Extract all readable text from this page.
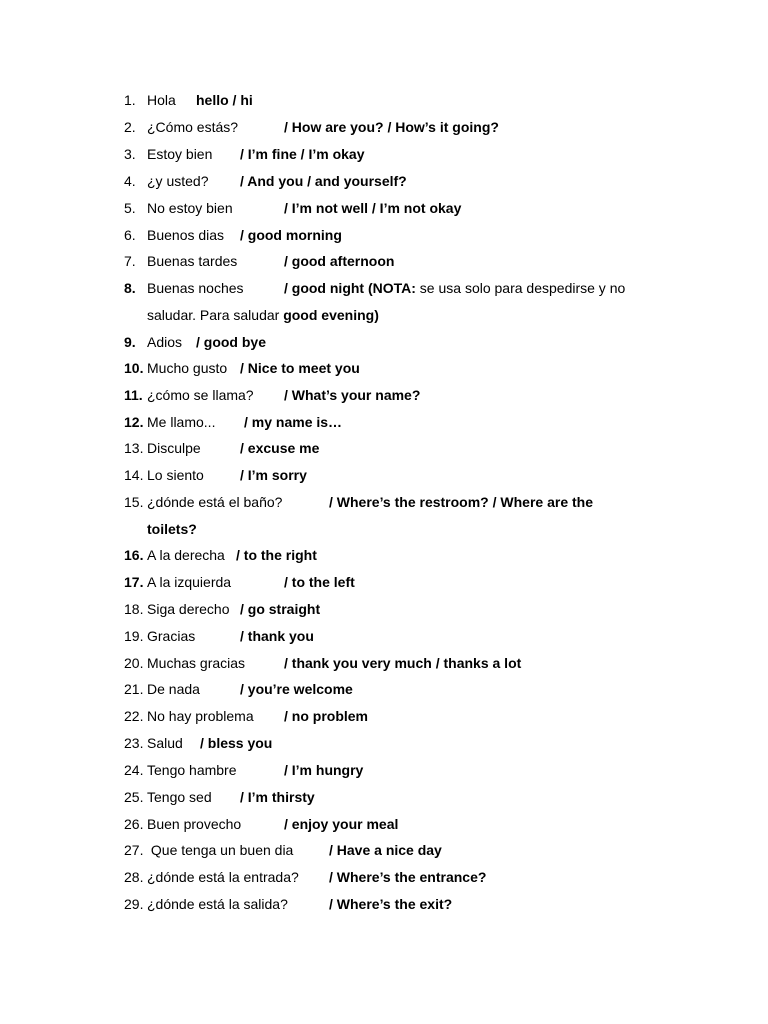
1. Hola hello / hi
2. ¿Cómo estás?	/ How are you? / How’s it going?
3. Estoy bien / I’m fine / I’m okay
4. ¿y usted? / And you / and yourself?
5. No estoy bien	/ I’m not well / I’m not okay
6. Buenos dias / good morning
7. Buenas tardes	/ good afternoon
8. Buenas noches	/ good night (NOTA: se usa solo para despedirse y no
saludar. Para saludar good evening)
9. Adios / good bye
10. Mucho gusto / Nice to meet you
11. ¿cómo se llama? / What’s your name?
12. Me llamo... / my name is…
13. Disculpe	/ excuse me
14. Lo siento	/ I’m sorry
15. ¿dónde está el baño?	/ Where’s the restroom? / Where are the
toilets?
16. A la derecha / to the right
17. A la izquierda	/ to the left
18. Siga derecho / go straight
19. Gracias	/ thank you
20. Muchas gracias	/ thank you very much / thanks a lot
21. De nada	/ you’re welcome
22. No hay problema / no problem
23. Salud / bless you
24. Tengo hambre	/ I’m hungry
25. Tengo sed / I’m thirsty
26. Buen provecho	/ enjoy your meal
27. Que tenga un buen dia	/ Have a nice day
28. ¿dónde está la entrada? / Where’s the entrance?
29. ¿dónde está la salida?	/ Where’s the exit?
